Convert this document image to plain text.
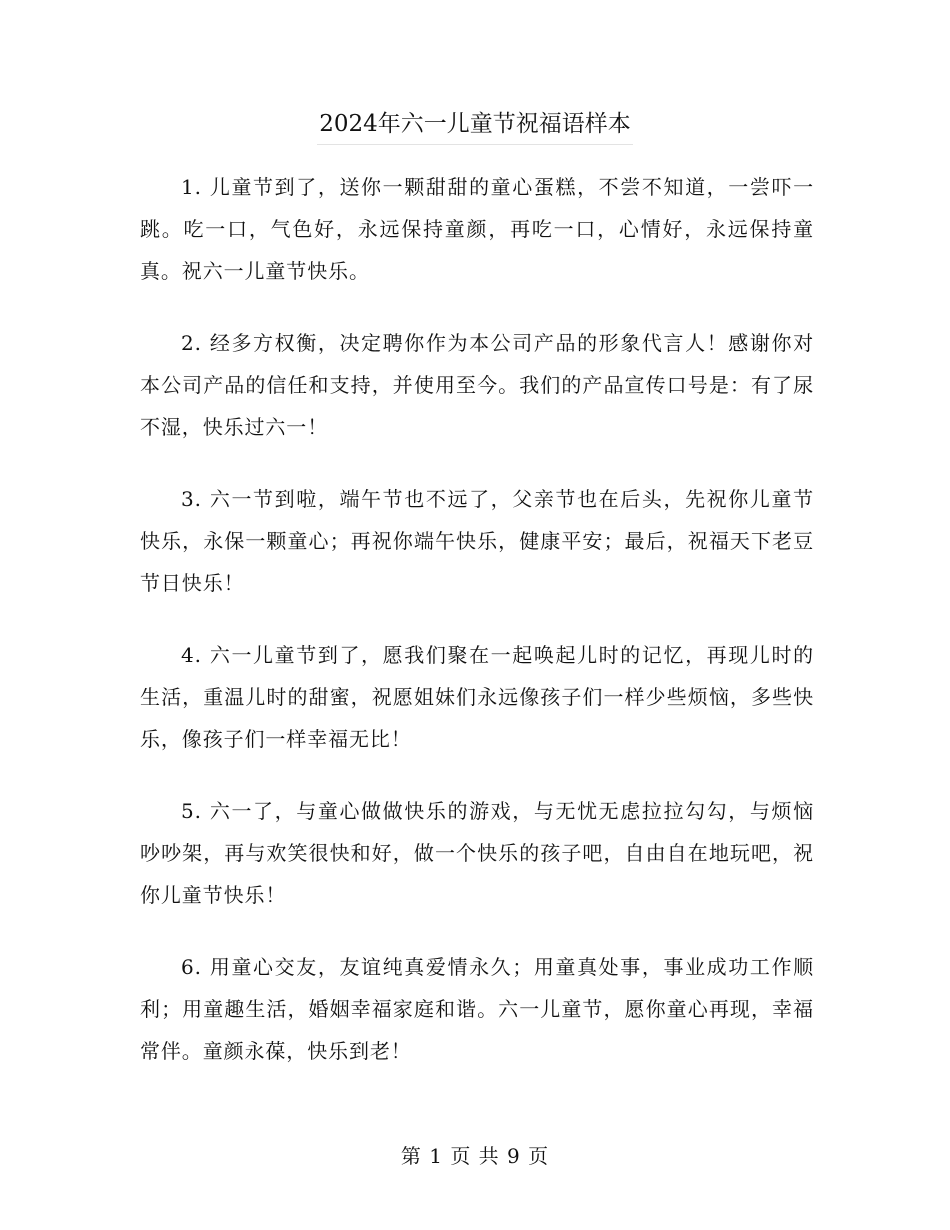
2024年六一儿童节祝福语样本

1. 儿童节到了，送你一颗甜甜的童心蛋糕，不尝不知道，一尝吓一跳。吃一口，气色好，永远保持童颜，再吃一口，心情好，永远保持童真。祝六一儿童节快乐。

2. 经多方权衡，决定聘你作为本公司产品的形象代言人！感谢你对本公司产品的信任和支持，并使用至今。我们的产品宣传口号是：有了尿不湿，快乐过六一！

3. 六一节到啦，端午节也不远了，父亲节也在后头，先祝你儿童节快乐，永保一颗童心；再祝你端午快乐，健康平安；最后，祝福天下老豆节日快乐！

4. 六一儿童节到了，愿我们聚在一起唤起儿时的记忆，再现儿时的生活，重温儿时的甜蜜，祝愿姐妹们永远像孩子们一样少些烦恼，多些快乐，像孩子们一样幸福无比！

5. 六一了，与童心做做快乐的游戏，与无忧无虑拉拉勾勾，与烦恼吵吵架，再与欢笑很快和好，做一个快乐的孩子吧，自由自在地玩吧，祝你儿童节快乐！

6. 用童心交友，友谊纯真爱情永久；用童真处事，事业成功工作顺利；用童趣生活，婚姻幸福家庭和谐。六一儿童节，愿你童心再现，幸福常伴。童颜永葆，快乐到老！

第 1 页 共 9 页
